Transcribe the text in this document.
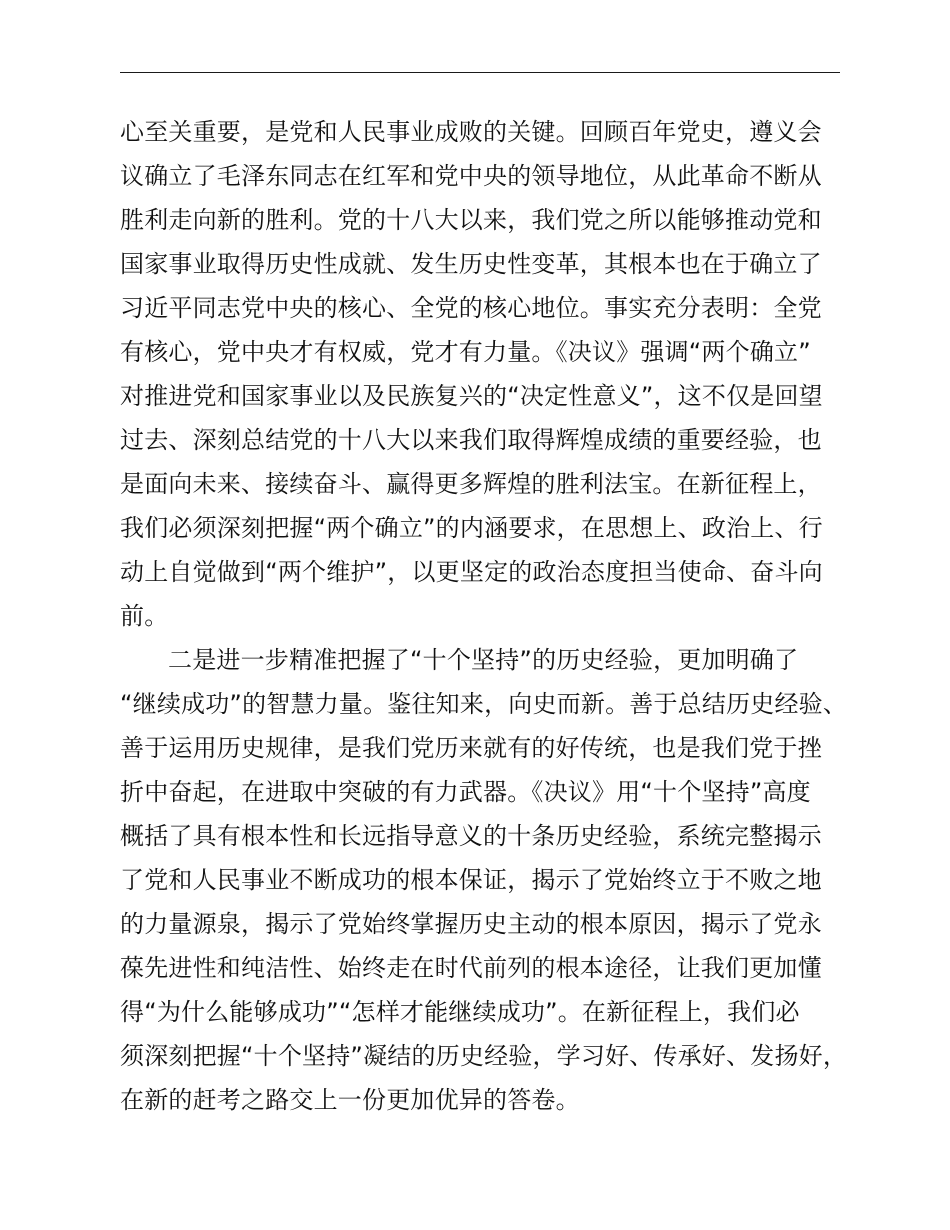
心至关重要，是党和人民事业成败的关键。回顾百年党史，遵义会
议确立了毛泽东同志在红军和党中央的领导地位，从此革命不断从
胜利走向新的胜利。党的十八大以来，我们党之所以能够推动党和
国家事业取得历史性成就、发生历史性变革，其根本也在于确立了
习近平同志党中央的核心、全党的核心地位。事实充分表明：全党
有核心，党中央才有权威，党才有力量。《决议》强调“两个确立”
对推进党和国家事业以及民族复兴的“决定性意义”，这不仅是回望
过去、深刻总结党的十八大以来我们取得辉煌成绩的重要经验，也
是面向未来、接续奋斗、赢得更多辉煌的胜利法宝。在新征程上，
我们必须深刻把握“两个确立”的内涵要求，在思想上、政治上、行
动上自觉做到“两个维护”，以更坚定的政治态度担当使命、奋斗向
前。
二是进一步精准把握了“十个坚持”的历史经验，更加明确了
“继续成功”的智慧力量。鉴往知来，向史而新。善于总结历史经验、
善于运用历史规律，是我们党历来就有的好传统，也是我们党于挫
折中奋起，在进取中突破的有力武器。《决议》用“十个坚持”高度
概括了具有根本性和长远指导意义的十条历史经验，系统完整揭示
了党和人民事业不断成功的根本保证，揭示了党始终立于不败之地
的力量源泉，揭示了党始终掌握历史主动的根本原因，揭示了党永
葆先进性和纯洁性、始终走在时代前列的根本途径，让我们更加懂
得“为什么能够成功”“怎样才能继续成功”。在新征程上，我们必
须深刻把握“十个坚持”凝结的历史经验，学习好、传承好、发扬好，
在新的赶考之路交上一份更加优异的答卷。
